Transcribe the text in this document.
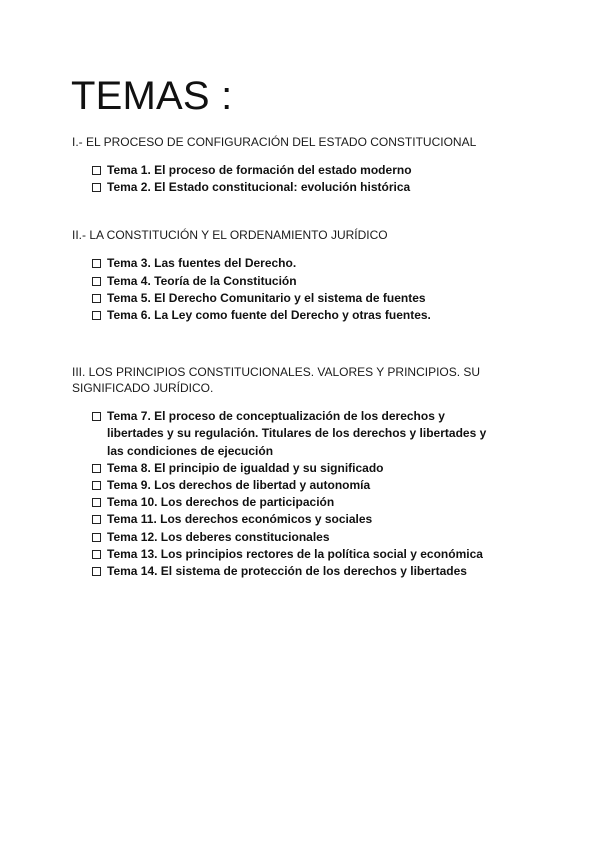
TEMAS :

I.- EL PROCESO DE CONFIGURACIÓN DEL ESTADO CONSTITUCIONAL

Tema 1. El proceso de formación del estado moderno
Tema 2. El Estado constitucional: evolución histórica

II.- LA CONSTITUCIÓN Y EL ORDENAMIENTO JURÍDICO

Tema 3. Las fuentes del Derecho.
Tema 4. Teoría de la Constitución
Tema 5. El Derecho Comunitario y el sistema de fuentes
Tema 6. La Ley como fuente del Derecho y otras fuentes.

III. LOS PRINCIPIOS CONSTITUCIONALES. VALORES Y PRINCIPIOS. SU SIGNIFICADO JURÍDICO.

Tema 7. El proceso de conceptualización de los derechos y libertades y su regulación. Titulares de los derechos y libertades y las condiciones de ejecución
Tema 8. El principio de igualdad y su significado
Tema 9. Los derechos de libertad y autonomía
Tema 10. Los derechos de participación
Tema 11. Los derechos económicos y sociales
Tema 12. Los deberes constitucionales
Tema 13. Los principios rectores de la política social y económica
Tema 14. El sistema de protección de los derechos y libertades
